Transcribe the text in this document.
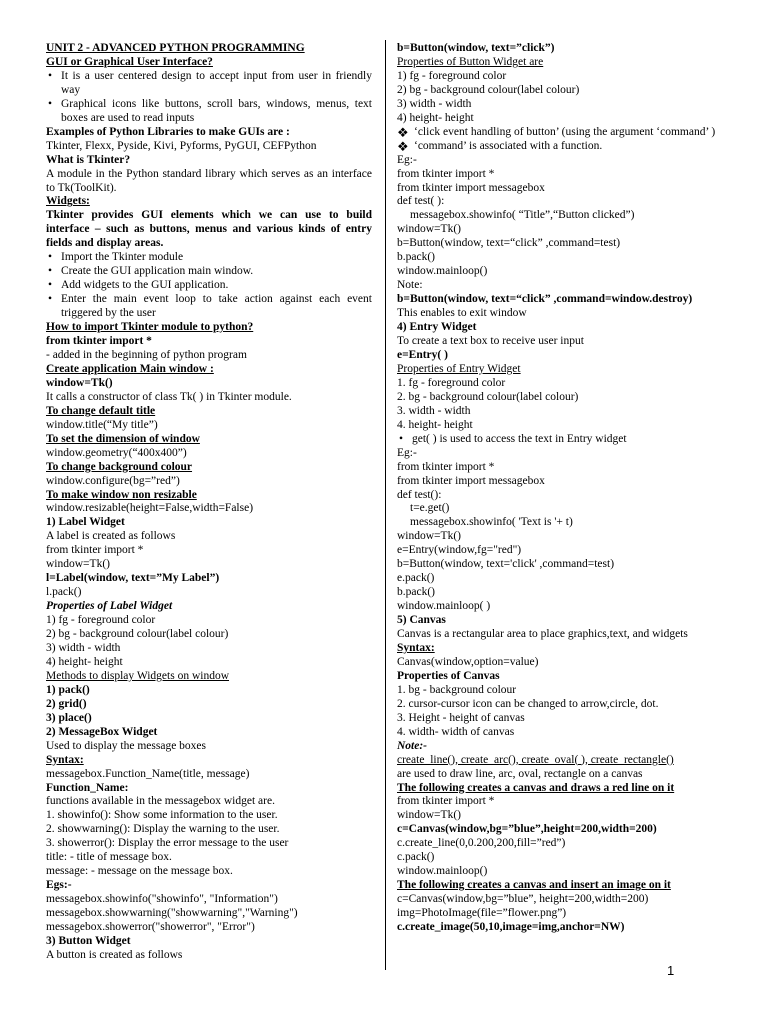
UNIT 2 - ADVANCED PYTHON PROGRAMMING
GUI or Graphical User Interface?
• It is a user centered design to accept input from user in friendly way
• Graphical icons like buttons, scroll bars, windows, menus, text boxes are used to read inputs
Examples of Python Libraries to make GUIs are :
Tkinter, Flexx, Pyside, Kivi, Pyforms, PyGUI, CEFPython
What is Tkinter?
A module in the Python standard library which serves as an interface to Tk(ToolKit).
Widgets:
Tkinter provides GUI elements which we can use to build interface – such as buttons, menus and various kinds of entry fields and display areas.
• Import the Tkinter module
• Create the GUI application main window.
• Add widgets to the GUI application.
• Enter the main event loop to take action against each event triggered by the user
How to import Tkinter module to python?
from tkinter import *
- added in the beginning of python program
Create application Main window :
window=Tk()
It calls a constructor of class Tk( ) in Tkinter module.
To change default title
window.title(“My title”)
To set the dimension of window
window.geometry(“400x400”)
To change background colour
window.configure(bg=”red”)
To make window non resizable
window.resizable(height=False,width=False)
1) Label Widget
A label is created as follows
from tkinter import *
window=Tk()
l=Label(window, text=”My Label”)
l.pack()
Properties of Label Widget
1) fg - foreground color
2) bg - background colour(label colour)
3) width - width
4) height- height
Methods to display Widgets on window
1) pack()
2) grid()
3) place()
2) MessageBox Widget
Used to display the message boxes
Syntax:
messagebox.Function_Name(title, message)
Function_Name:
functions available in the messagebox widget are.
1. showinfo(): Show some information to the user.
2. showwarning(): Display the warning to the user.
3. showerror(): Display the error message to the user
title: - title of message box.
message: - message on the message box.
Egs:-
messagebox.showinfo("showinfo", "Information")
messagebox.showwarning("showwarning","Warning")
messagebox.showerror("showerror", "Error")
3) Button Widget
A button is created as follows
b=Button(window, text=”click”)
Properties of Button Widget are
1) fg - foreground color
2) bg - background colour(label colour)
3) width - width
4) height- height
❖ ‘click event handling of button’ (using the argument ‘command’ )
❖ ‘command’ is associated with a function.
Eg:-
from tkinter import *
from tkinter import messagebox
def test( ):
messagebox.showinfo( “Title”,“Button clicked”)
window=Tk()
b=Button(window, text=“click” ,command=test)
b.pack()
window.mainloop()
Note:
b=Button(window, text=“click” ,command=window.destroy)
This enables to exit window
4) Entry Widget
To create a text box to receive user input
e=Entry( )
Properties of Entry Widget
1. fg - foreground color
2. bg - background colour(label colour)
3. width - width
4. height- height
• get( ) is used to access the text in Entry widget
Eg:-
from tkinter import *
from tkinter import messagebox
def test():
t=e.get()
messagebox.showinfo( 'Text is '+ t)
window=Tk()
e=Entry(window,fg="red")
b=Button(window, text='click' ,command=test)
e.pack()
b.pack()
window.mainloop( )
5) Canvas
Canvas is a rectangular area to place graphics,text, and widgets
Syntax:
Canvas(window,option=value)
Properties of Canvas
1. bg - background colour
2. cursor-cursor icon can be changed to arrow,circle, dot.
3. Height - height of canvas
4. width- width of canvas
Note:-
create_line(), create_arc(), create_oval( ), create_rectangle()
are used to draw line, arc, oval, rectangle on a canvas
The following creates a canvas and draws a red line on it
from tkinter import *
window=Tk()
c=Canvas(window,bg=”blue”,height=200,width=200)
c.create_line(0,0.200,200,fill=”red”)
c.pack()
window.mainloop()
The following creates a canvas and insert an image on it
c=Canvas(window,bg=”blue”, height=200,width=200)
img=PhotoImage(file=”flower.png”)
c.create_image(50,10,image=img,anchor=NW)
1
